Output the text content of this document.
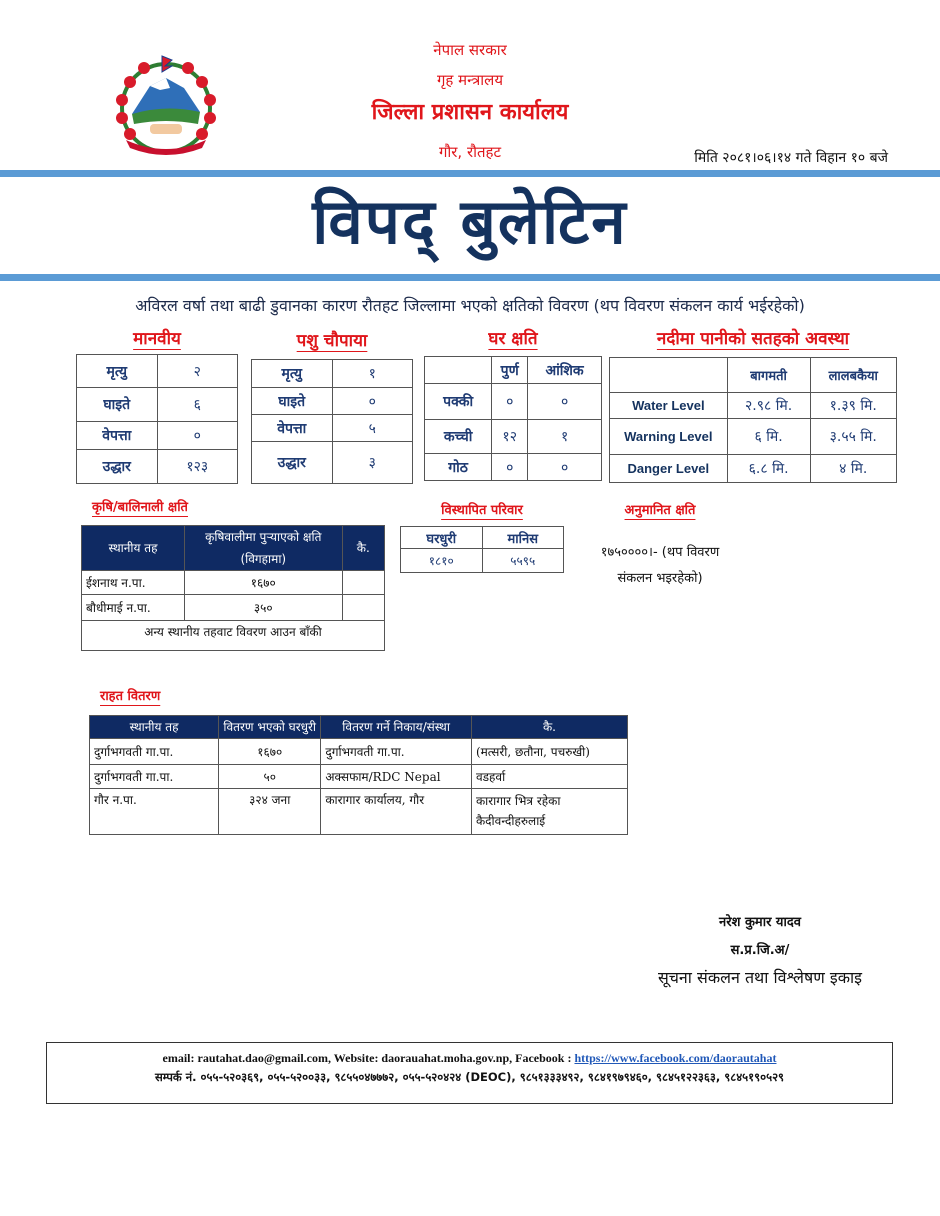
नेपाल सरकार
गृह मन्त्रालय
जिल्ला प्रशासन कार्यालय
गौर, रौतहट	मिति २०८१।०६।१४ गते विहान १० बजे
विपद् बुलेटिन
अविरल वर्षा तथा बाढी डुवानका कारण रौतहट जिल्लामा भएको क्षतिको विवरण (थप विवरण संकलन कार्य भईरहेको)
मानवीय
मृत्यु	२
घाइते	६
वेपत्ता	०
उद्धार	१२३
पशु चौपाया
मृत्यु	१
घाइते	०
वेपत्ता	५
उद्धार	३
घर क्षति
	पुर्ण	आंशिक
पक्की	०	०
कच्ची	१२	१
गोठ	०	०
नदीमा पानीको सतहको अवस्था
	बागमती	लालबकैया
Water Level	२.९८ मि.	१.३९ मि.
Warning Level	६ मि.	३.५५ मि.
Danger Level	६.८ मि.	४ मि.
कृषि/बालिनाली क्षति
स्थानीय तह	कृषिवालीमा पुऱ्याएको क्षति (विगहामा)	कै.
ईशनाथ न.पा.	१६७०	
बौधीमाई न.पा.	३५०	
अन्य स्थानीय तहवाट विवरण आउन बाँकी		
विस्थापित परिवार
घरधुरी	मानिस
१८१०	५५९५
अनुमानित क्षति
१७५००००।- (थप विवरण संकलन भइरहेको)
राहत वितरण
स्थानीय तह	वितरण भएको घरधुरी	वितरण गर्ने निकाय/संस्था	कै.
दुर्गाभगवती गा.पा.	१६७०	दुर्गाभगवती गा.पा.	(मत्सरी, छतौना, पचरुखी)
दुर्गाभगवती गा.पा.	५०	अक्सफाम/RDC Nepal	वडहर्वा
गौर न.पा.	३२४ जना	कारागार कार्यालय, गौर	कारागार भित्र रहेका कैदीवन्दीहरुलाई
नरेश कुमार यादव
स.प्र.जि.अ/
सूचना संकलन तथा विश्लेषण इकाइ
email: rautahat.dao@gmail.com, Website: daorauahat.moha.gov.np, Facebook : https://www.facebook.com/daorautahat
सम्पर्क नं. ०५५-५२०३६९, ०५५-५२००३३, ९८५५०४७७७२, ०५५-५२०४२४ (DEOC), ९८५१३३३४९२, ९८४१९७९४६०, ९८४५१२२३६३, ९८४५१९०५२९
